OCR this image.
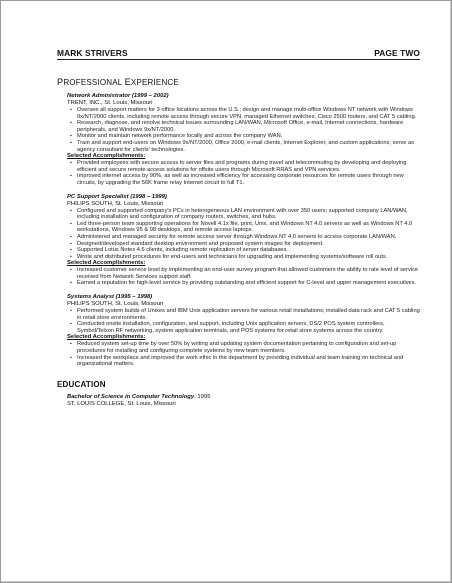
MARK STRIVERS	PAGE TWO
PROFESSIONAL EXPERIENCE
Network Administrator (1999 – 2002)
TRENT, INC., St. Louis, Missouri
▪ Oversee all support matters for 3 office locations across the U.S.; design and manage multi-office Windows NT network with Windows 9x/NT/2000 clients, including remote access through secure VPN, managed Ethernet switches, Cisco 2500 routers, and CAT 5 cabling.
▪ Research, diagnose, and resolve technical issues surrounding LAN/WAN, Microsoft Office, e-mail, Internet connections, hardware peripherals, and Windows 9x/NT/2000.
▪ Monitor and maintain network performance locally and across the company WAN.
▪ Train and support end-users on Windows 9x/NT/2000, Office 2000, e-mail clients, Internet Explorer, and custom applications; serve as agency consultant for clients' technologies.
Selected Accomplishments:
▪ Provided employees with secure access to server files and programs during travel and telecommuting by developing and deploying efficient and secure remote access solutions for offsite users through Microsoft RRAS and VPN services.
▪ Improved internet access by 90%, as well as increased efficiency for accessing corporate resources for remote users through new circuits, by upgrading the 56K frame relay Internet circuit to full T1.
PC Support Specialist (1998 – 1999)
PHILIPS SOUTH, St. Louis, Missouri
▪ Configured and supported company's PCs in heterogeneous LAN environment with over 350 users; supported company LAN/WAN, including installation and configuration of company routers, switches, and hubs.
▪ Led three-person team supporting operations for Novell 4.1x file, print, Unix, and Windows NT 4.0 servers as well as Windows NT 4.0 workstations, Windows 95 & 98 desktops, and remote access laptops.
▪ Administered and managed security for remote access server through Windows NT 4.0 servers to access corporate LAN/WAN.
▪ Designed/developed standard desktop environment and proposed system images for deployment.
▪ Supported Lotus Notes 4.6 clients, including remote replication of server databases.
▪ Wrote and distributed procedures for end-users and technicians for upgrading and implementing systems/software roll outs.
Selected Accomplishments:
▪ Increased customer service level by implementing an end-user survey program that allowed customers the ability to rate level of service received from Network Services support staff.
▪ Earned a reputation for high-level service by providing outstanding and efficient support for C-level and upper management executives.
Systems Analyst (1995 – 1998)
PHILIPS SOUTH, St. Louis, Missouri
▪ Performed system builds of Unixes and IBM Unix application servers for various retail installations; installed data rack and CAT 5 cabling in retail store environments.
▪ Conducted onsite installation, configuration, and support, including Unix application servers, DS/2 POS system controllers, Symbol/Telxon RF networking, system application terminals, and POS systems for retail store systems across the country.
Selected Accomplishments:
▪ Reduced system set-up time by over 50% by writing and updating system documentation pertaining to configuration and set-up procedures for installing and configuring complete systems by new team members.
▪ Increased the workplace and improved the work ethic in the department by providing individual and team training on technical and organizational matters.
EDUCATION
Bachelor of Science in Computer Technology, 1995
ST. LOUIS COLLEGE, St. Louis, Missouri
